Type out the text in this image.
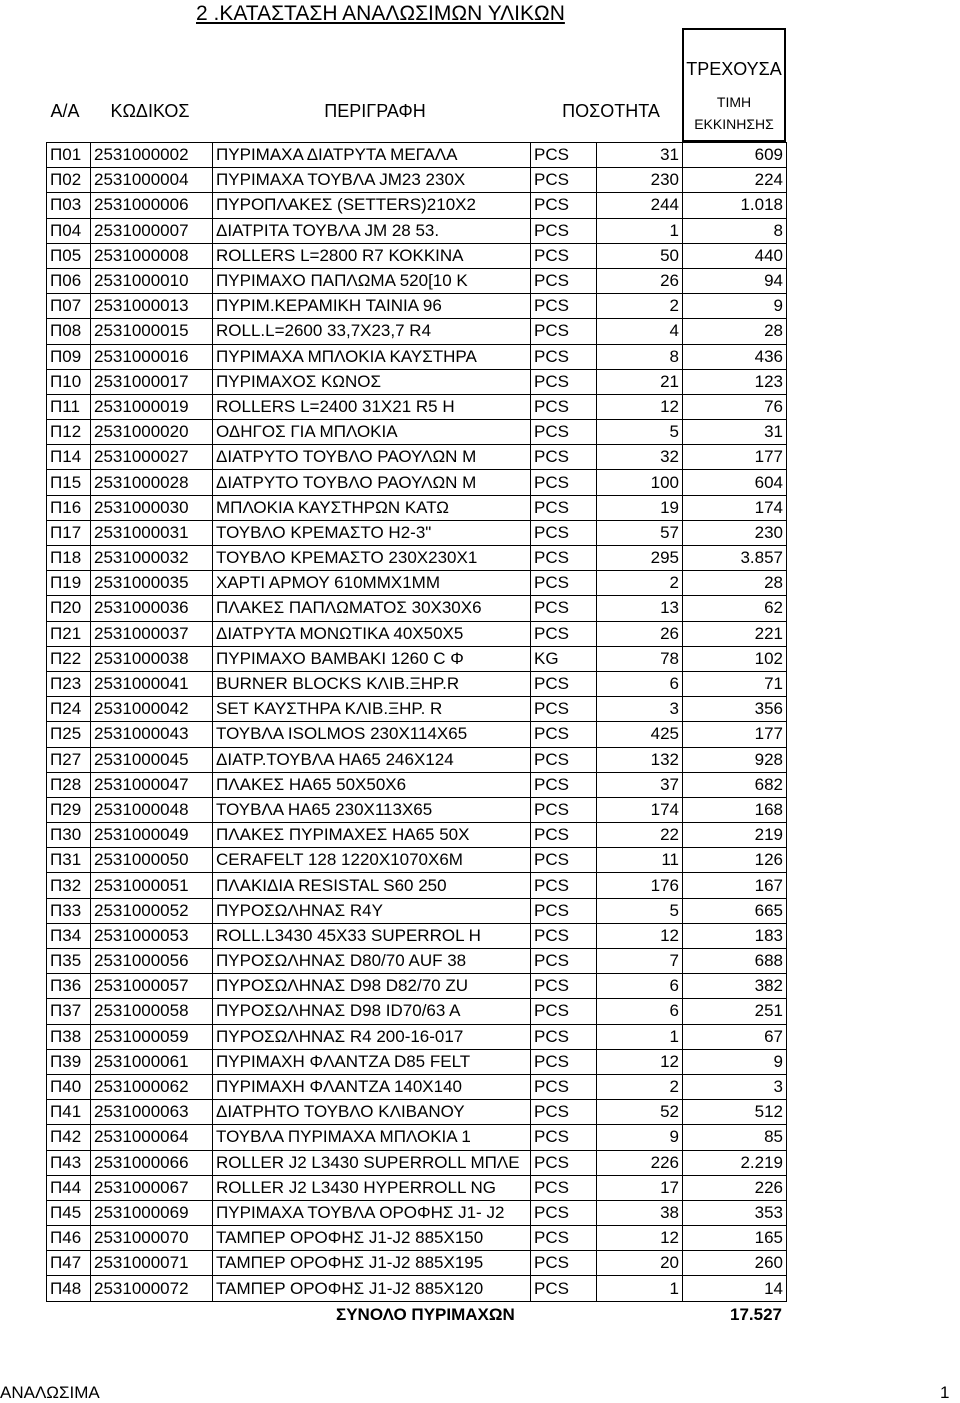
2 .ΚΑΤΑΣΤΑΣΗ ΑΝΑΛΩΣΙΜΩΝ ΥΛΙΚΩΝ
Α/Α	ΚΩΔΙΚΟΣ	ΠΕΡΙΓΡΑΦΗ	ΠΟΣΟΤΗΤΑ
ΤΡΕΧΟΥΣΑ
ΤΙΜΗ
ΕΚΚΙΝΗΣΗΣ
Π01	2531000002	ΠΥΡΙΜΑΧΑ ΔΙΑΤΡΥΤΑ ΜΕΓΑΛΑ	PCS	31	609
Π02	2531000004	ΠΥΡΙΜΑΧΑ ΤΟΥΒΛΑ JM23 230X	PCS	230	224
Π03	2531000006	ΠΥΡΟΠΛΑΚΕΣ (SETTERS)210Χ2	PCS	244	1.018
Π04	2531000007	ΔΙΑΤΡΙΤΑ ΤΟΥΒΛΑ JM 28 53.	PCS	1	8
Π05	2531000008	ROLLERS L=2800 R7 ΚΟΚΚΙΝΑ	PCS	50	440
Π06	2531000010	ΠΥΡΙΜΑΧΟ ΠΑΠΛΩΜΑ 520[10 Κ	PCS	26	94
Π07	2531000013	ΠΥΡΙΜ.ΚΕΡΑΜΙΚΗ ΤΑΙΝΙΑ 96	PCS	2	9
Π08	2531000015	ROLL.L=2600 33,7X23,7 R4	PCS	4	28
Π09	2531000016	ΠΥΡΙΜΑΧΑ ΜΠΛΟΚΙΑ ΚΑΥΣΤΗΡΑ	PCS	8	436
Π10	2531000017	ΠΥΡΙΜΑΧΟΣ ΚΩΝΟΣ	PCS	21	123
Π11	2531000019	ROLLERS L=2400 31X21 R5 H	PCS	12	76
Π12	2531000020	ΟΔΗΓΟΣ ΓΙΑ ΜΠΛΟΚΙΑ	PCS	5	31
Π14	2531000027	ΔΙΑΤΡΥΤΟ ΤΟΥΒΛΟ ΡΑΟΥΛΩΝ Μ	PCS	32	177
Π15	2531000028	ΔΙΑΤΡΥΤΟ ΤΟΥΒΛΟ ΡΑΟΥΛΩΝ Μ	PCS	100	604
Π16	2531000030	ΜΠΛΟΚΙΑ ΚΑΥΣΤΗΡΩΝ ΚΑΤΩ	PCS	19	174
Π17	2531000031	ΤΟΥΒΛΟ ΚΡΕΜΑΣΤΟ Η2-3"	PCS	57	230
Π18	2531000032	ΤΟΥΒΛΟ ΚΡΕΜΑΣΤΟ 230Χ230Χ1	PCS	295	3.857
Π19	2531000035	ΧΑΡΤΙ ΑΡΜΟΥ 610ΜΜΧ1ΜΜ	PCS	2	28
Π20	2531000036	ΠΛΑΚΕΣ ΠΑΠΛΩΜΑΤΟΣ 30Χ30Χ6	PCS	13	62
Π21	2531000037	ΔΙΑΤΡΥΤΑ ΜΟΝΩΤΙΚΑ 40Χ50Χ5	PCS	26	221
Π22	2531000038	ΠΥΡΙΜΑΧΟ ΒΑΜΒΑΚΙ 1260 C Φ	KG	78	102
Π23	2531000041	BURNER BLOCKS ΚΛΙΒ.ΞΗΡ.R	PCS	6	71
Π24	2531000042	SET ΚΑΥΣΤΗΡΑ ΚΛΙΒ.ΞΗΡ. R	PCS	3	356
Π25	2531000043	ΤΟΥΒΛΑ ISOLMOS 230X114X65	PCS	425	177
Π27	2531000045	ΔΙΑΤΡ.ΤΟΥΒΛΑ ΗΑ65 246Χ124	PCS	132	928
Π28	2531000047	ΠΛΑΚΕΣ ΗΑ65 50Χ50Χ6	PCS	37	682
Π29	2531000048	ΤΟΥΒΛΑ ΗΑ65 230Χ113Χ65	PCS	174	168
Π30	2531000049	ΠΛΑΚΕΣ ΠΥΡΙΜΑΧΕΣ ΗΑ65 50Χ	PCS	22	219
Π31	2531000050	CERAFELT 128 1220X1070X6M	PCS	11	126
Π32	2531000051	ΠΛΑΚΙΔΙΑ RESISTAL S60 250	PCS	176	167
Π33	2531000052	ΠΥΡΟΣΩΛΗΝΑΣ R4Y	PCS	5	665
Π34	2531000053	ROLL.L3430 45X33 SUPERROL H	PCS	12	183
Π35	2531000056	ΠΥΡΟΣΩΛΗΝΑΣ D80/70 AUF 38	PCS	7	688
Π36	2531000057	ΠΥΡΟΣΩΛΗΝΑΣ D98 D82/70 ZU	PCS	6	382
Π37	2531000058	ΠΥΡΟΣΩΛΗΝΑΣ D98 ID70/63 A	PCS	6	251
Π38	2531000059	ΠΥΡΟΣΩΛΗΝΑΣ R4 200-16-017	PCS	1	67
Π39	2531000061	ΠΥΡΙΜΑΧΗ ΦΛΑΝΤΖΑ D85 FELT	PCS	12	9
Π40	2531000062	ΠΥΡΙΜΑΧΗ ΦΛΑΝΤΖΑ 140Χ140	PCS	2	3
Π41	2531000063	ΔΙΑΤΡΗΤΟ ΤΟΥΒΛΟ ΚΛΙΒΑΝΟΥ	PCS	52	512
Π42	2531000064	ΤΟΥΒΛΑ ΠΥΡΙΜΑΧΑ ΜΠΛΟΚΙΑ 1	PCS	9	85
Π43	2531000066	ROLLER J2 L3430 SUPERROLL ΜΠΛΕ	PCS	226	2.219
Π44	2531000067	ROLLER J2 L3430 HYPERROLL NG	PCS	17	226
Π45	2531000069	ΠΥΡΙΜΑΧΑ ΤΟΥΒΛΑ ΟΡΟΦΗΣ J1- J2	PCS	38	353
Π46	2531000070	ΤΑΜΠΕΡ ΟΡΟΦΗΣ J1-J2 885X150	PCS	12	165
Π47	2531000071	ΤΑΜΠΕΡ ΟΡΟΦΗΣ J1-J2 885X195	PCS	20	260
Π48	2531000072	ΤΑΜΠΕΡ ΟΡΟΦΗΣ J1-J2 885X120	PCS	1	14
ΣΥΝΟΛΟ ΠΥΡΙΜΑΧΩΝ	17.527
ΑΝΑΛΩΣΙΜΑ	1
